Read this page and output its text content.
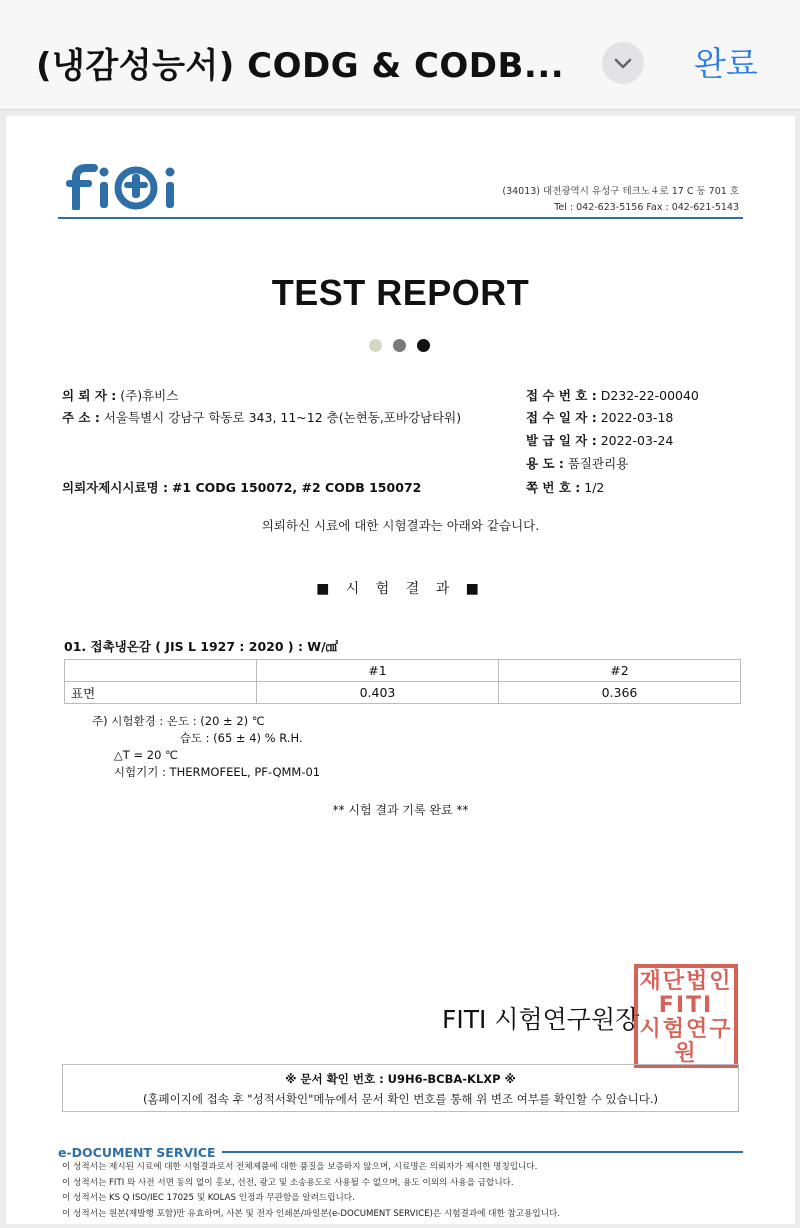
(냉감성능서) CODG & CODB...	완료
(34013) 대전광역시 유성구 테크노４로 17 C 동 701 호
Tel : 042-623-5156 Fax : 042-621-5143
TEST REPORT
의 뢰 자 : (주)휴비스
주 소 : 서울특별시 강남구 학동로 343, 11~12 층(논현동,포바강남타워)
의뢰자제시시료명 : #1 CODG 150072, #2 CODB 150072
접 수 번 호 : D232-22-00040
접 수 일 자 : 2022-03-18
발 급 일 자 : 2022-03-24
용 도 : 품질관리용
쪽 번 호 : 1/2
의뢰하신 시료에 대한 시험결과는 아래와 같습니다.
■ 시 험 결 과 ■
01. 접촉냉온감 ( JIS L 1927 : 2020 ) : W/㎠
	#1	#2
표면	0.403	0.366
주) 시험환경 : 온도 : (20 ± 2) ℃
습도 : (65 ± 4) % R.H.
△T = 20 ℃
시험기기 : THERMOFEEL, PF-QMM-01
** 시험 결과 기록 완료 **
FITI 시험연구원장
재단법인
FITI
시험연구
원
※ 문서 확인 번호 : U9H6-BCBA-KLXP ※
(홈페이지에 접속 후 "성적서확인"메뉴에서 문서 확인 번호를 통해 위 변조 여부를 확인할 수 있습니다.)
e-DOCUMENT SERVICE
이 성적서는 제시된 시료에 대한 시험결과로서 전체제품에 대한 품질을 보증하지 않으며, 시료명은 의뢰자가 제시한 명칭입니다.
이 성적서는 FITI 와 사전 서면 동의 없이 홍보, 선전, 광고 및 소송용도로 사용될 수 없으며, 용도 이외의 사용을 금합니다.
이 성적서는 KS Q ISO/IEC 17025 및 KOLAS 인정과 무관함을 알려드립니다.
이 성적서는 원본(재발행 포함)만 유효하며, 사본 및 전자 인쇄본/파일본(e-DOCUMENT SERVICE)은 시험결과에 대한 참고용입니다.
